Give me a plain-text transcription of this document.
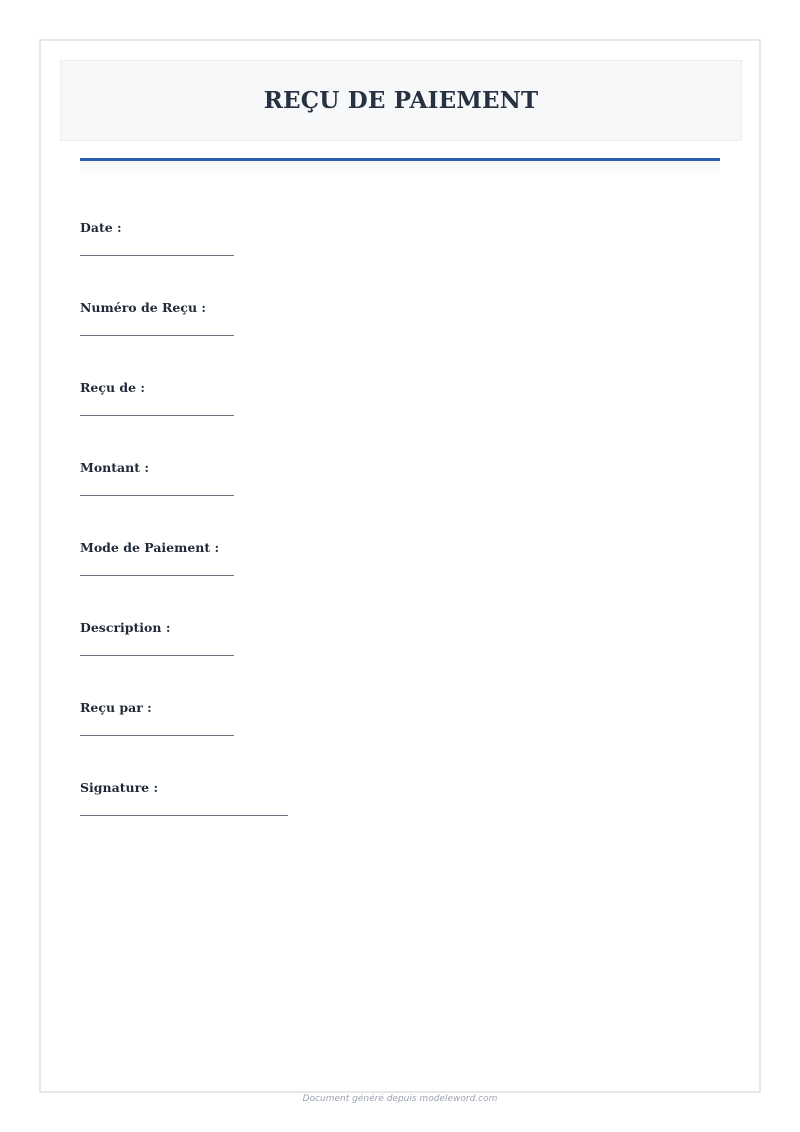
REÇU DE PAIEMENT
Date :
Numéro de Reçu :
Reçu de :
Montant :
Mode de Paiement :
Description :
Reçu par :
Signature :
Document généré depuis modeleword.com
